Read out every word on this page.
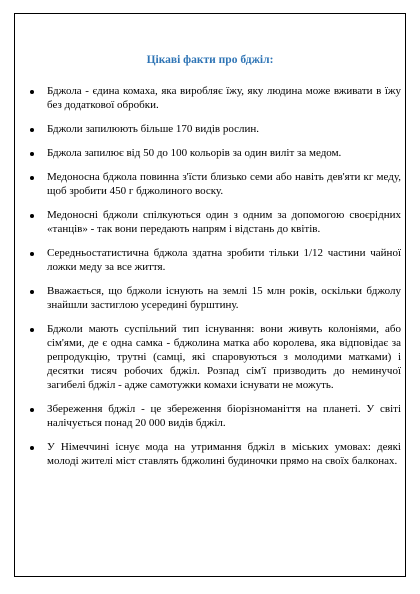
Цікаві факти про бджіл:
Бджола - єдина комаха, яка виробляє їжу, яку людина може вживати в їжу без додаткової обробки.
Бджоли запилюють більше 170 видів рослин.
Бджола запилює від 50 до 100 кольорів за один виліт за медом.
Медоносна бджола повинна з'їсти близько семи або навіть дев'яти кг меду, щоб зробити 450 г бджолиного воску.
Медоносні бджоли спілкуються один з одним за допомогою своєрідних «танців» - так вони передають напрям і відстань до квітів.
Середньостатистична бджола здатна зробити тільки 1/12 частини чайної ложки меду за все життя.
Вважається, що бджоли існують на землі 15 млн років, оскільки бджолу знайшли застиглою усередині бурштину.
Бджоли мають суспільний тип існування: вони живуть колоніями, або сім'ями, де є одна самка - бджолина матка або королева, яка відповідає за репродукцію, трутні (самці, які спаровуються з молодими матками) і десятки тисяч робочих бджіл. Розпад сім'ї призводить до неминучої загибелі бджіл - адже самотужки комахи існувати не можуть.
Збереження бджіл - це збереження біорізноманіття на планеті. У світі налічується понад 20 000 видів бджіл.
У Німеччині існує мода на утримання бджіл в міських умовах: деякі молоді жителі міст ставлять бджолині будиночки прямо на своїх балконах.
